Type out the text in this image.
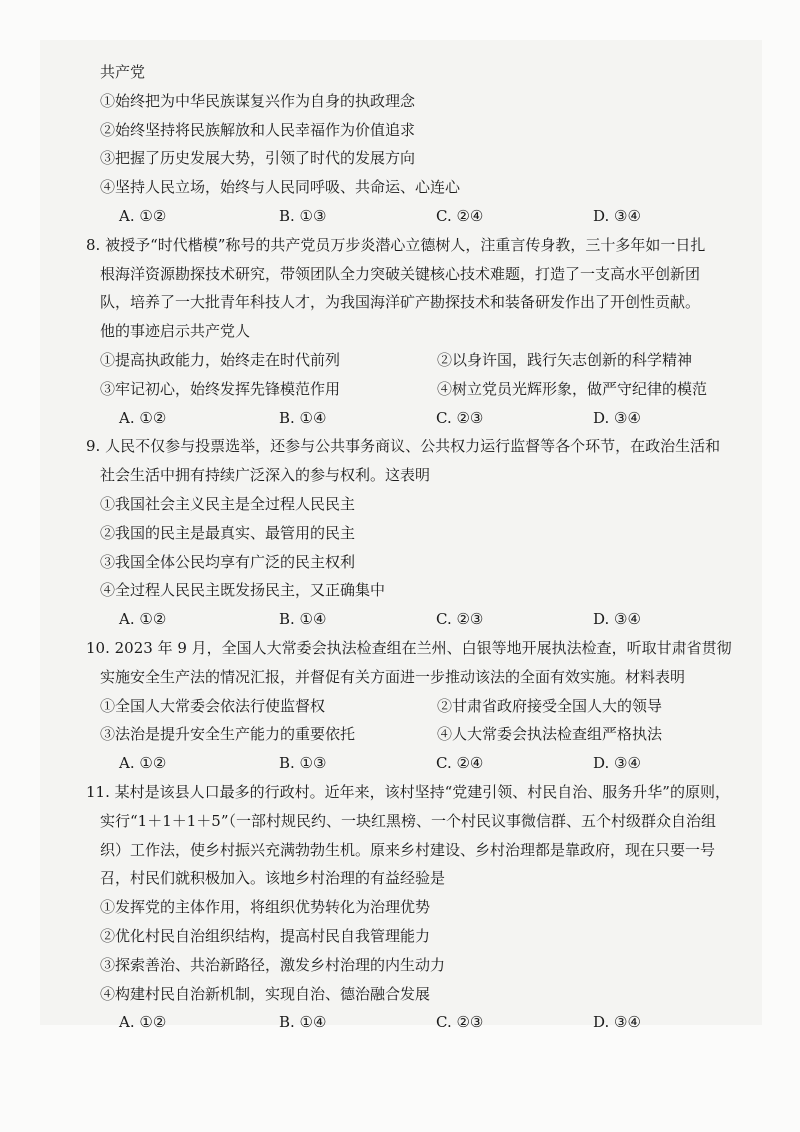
共产党
①始终把为中华民族谋复兴作为自身的执政理念
②始终坚持将民族解放和人民幸福作为价值追求
③把握了历史发展大势，引领了时代的发展方向
④坚持人民立场，始终与人民同呼吸、共命运、心连心
A. ①②	B. ①③	C. ②④	D. ③④
8. 被授予“时代楷模”称号的共产党员万步炎潜心立德树人，注重言传身教，三十多年如一日扎
根海洋资源勘探技术研究，带领团队全力突破关键核心技术难题，打造了一支高水平创新团
队，培养了一大批青年科技人才，为我国海洋矿产勘探技术和装备研发作出了开创性贡献。
他的事迹启示共产党人
①提高执政能力，始终走在时代前列	②以身许国，践行矢志创新的科学精神
③牢记初心，始终发挥先锋模范作用	④树立党员光辉形象，做严守纪律的模范
A. ①②	B. ①④	C. ②③	D. ③④
9. 人民不仅参与投票选举，还参与公共事务商议、公共权力运行监督等各个环节，在政治生活和
社会生活中拥有持续广泛深入的参与权利。这表明
①我国社会主义民主是全过程人民民主
②我国的民主是最真实、最管用的民主
③我国全体公民均享有广泛的民主权利
④全过程人民民主既发扬民主，又正确集中
A. ①②	B. ①④	C. ②③	D. ③④
10. 2023 年 9 月，全国人大常委会执法检查组在兰州、白银等地开展执法检查，听取甘肃省贯彻
实施安全生产法的情况汇报，并督促有关方面进一步推动该法的全面有效实施。材料表明
①全国人大常委会依法行使监督权	②甘肃省政府接受全国人大的领导
③法治是提升安全生产能力的重要依托	④人大常委会执法检查组严格执法
A. ①②	B. ①③	C. ②④	D. ③④
11. 某村是该县人口最多的行政村。近年来，该村坚持“党建引领、村民自治、服务升华”的原则，
实行“1＋1＋1＋5”（一部村规民约、一块红黑榜、一个村民议事微信群、五个村级群众自治组
织）工作法，使乡村振兴充满勃勃生机。原来乡村建设、乡村治理都是靠政府，现在只要一号
召，村民们就积极加入。该地乡村治理的有益经验是
①发挥党的主体作用，将组织优势转化为治理优势
②优化村民自治组织结构，提高村民自我管理能力
③探索善治、共治新路径，激发乡村治理的内生动力
④构建村民自治新机制，实现自治、德治融合发展
A. ①②	B. ①④	C. ②③	D. ③④
